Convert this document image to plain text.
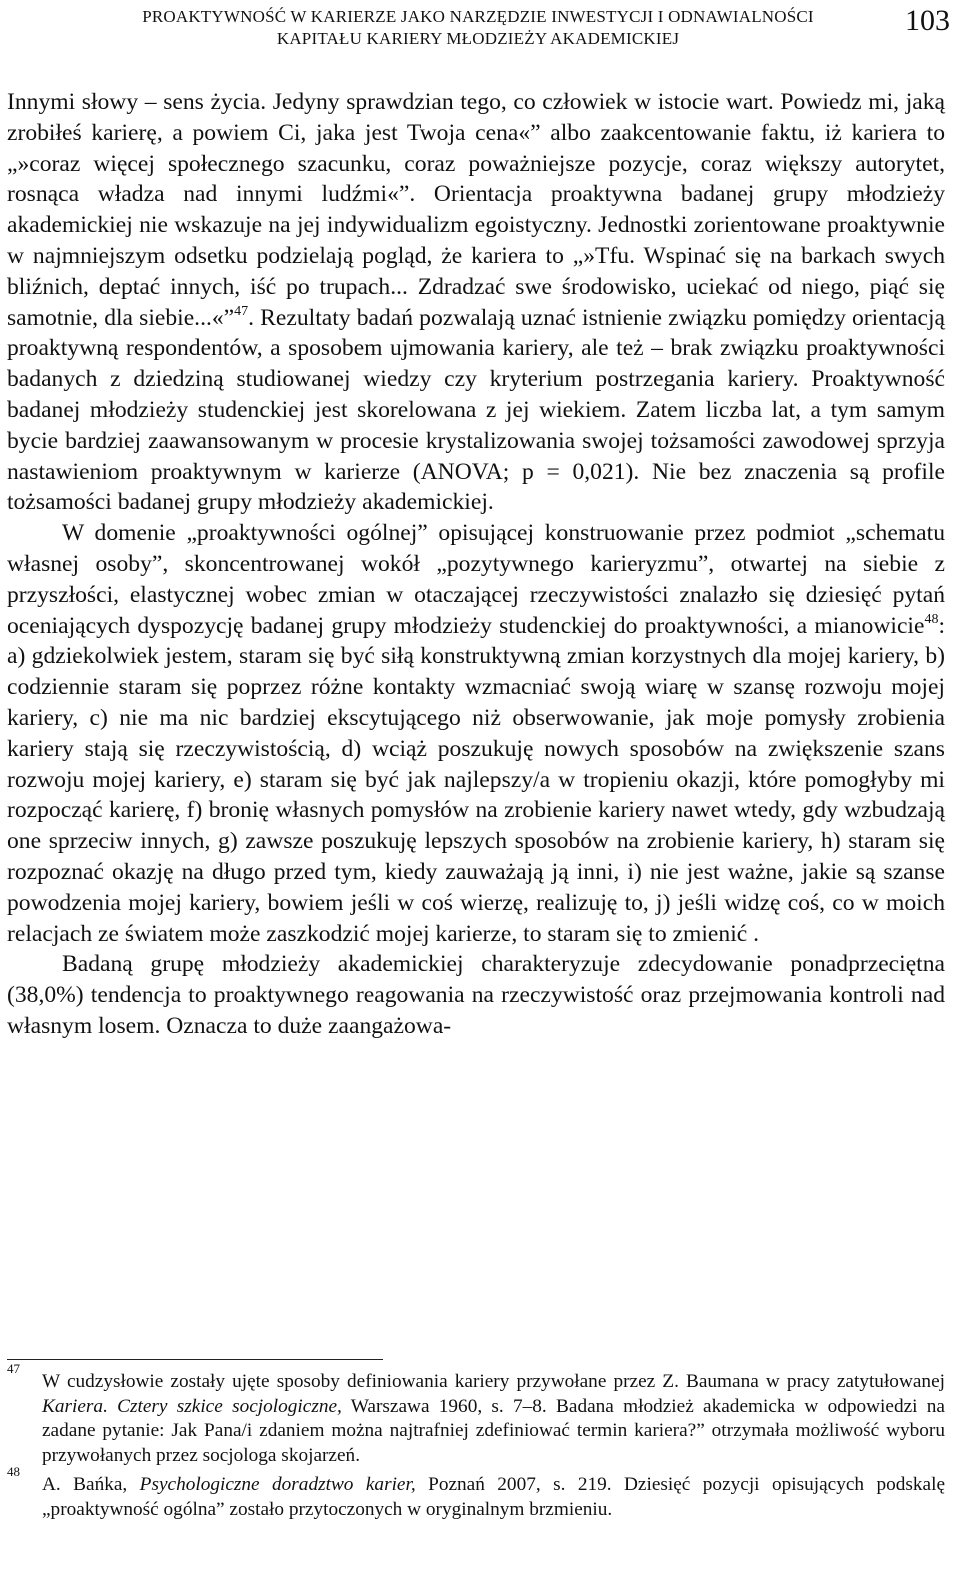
PROAKTYWNOŚĆ W KARIERZE JAKO NARZĘDZIE INWESTYCJI I ODNAWIALNOŚCI
KAPITAŁU KARIERY MŁODZIEŻY AKADEMICKIEJ
103

Innymi słowy – sens życia. Jedyny sprawdzian tego, co człowiek w istocie wart. Powiedz mi, jaką zrobiłeś karierę, a powiem Ci, jaka jest Twoja cena«” albo zaakcentowanie faktu, iż kariera to „»coraz więcej społecznego szacunku, coraz poważniejsze pozycje, coraz większy autorytet, rosnąca władza nad innymi ludźmi«”. Orientacja proaktywna badanej grupy młodzieży akademickiej nie wskazuje na jej indywidualizm egoistyczny. Jednostki zorientowane proaktywnie w najmniejszym odsetku podzielają pogląd, że kariera to „»Tfu. Wspinać się na barkach swych bliźnich, deptać innych, iść po trupach... Zdradzać swe środowisko, uciekać od niego, piąć się samotnie, dla siebie...«”$^{47}$. Rezultaty badań pozwalają uznać istnienie związku pomiędzy orientacją proaktywną respondentów, a sposobem ujmowania kariery, ale też – brak związku proaktywności badanych z dziedziną studiowanej wiedzy czy kryterium postrzegania kariery. Proaktywność badanej młodzieży studenckiej jest skorelowana z jej wiekiem. Zatem liczba lat, a tym samym bycie bardziej zaawansowanym w procesie krystalizowania swojej tożsamości zawodowej sprzyja nastawieniom proaktywnym w karierze (ANOVA; p = 0,021). Nie bez znaczenia są profile tożsamości badanej grupy młodzieży akademickiej.

W domenie „proaktywności ogólnej” opisującej konstruowanie przez podmiot „schematu własnej osoby”, skoncentrowanej wokół „pozytywnego karieryzmu”, otwartej na siebie z przyszłości, elastycznej wobec zmian w otaczającej rzeczywistości znalazło się dziesięć pytań oceniających dyspozycję badanej grupy młodzieży studenckiej do proaktywności, a mianowicie$^{48}$: a) gdziekolwiek jestem, staram się być siłą konstruktywną zmian korzystnych dla mojej kariery, b) codziennie staram się poprzez różne kontakty wzmacniać swoją wiarę w szansę rozwoju mojej kariery, c) nie ma nic bardziej ekscytującego niż obserwowanie, jak moje pomysły zrobienia kariery stają się rzeczywistością, d) wciąż poszukuję nowych sposobów na zwiększenie szans rozwoju mojej kariery, e) staram się być jak najlepszy/a w tropieniu okazji, które pomogłyby mi rozpocząć karierę, f) bronię własnych pomysłów na zrobienie kariery nawet wtedy, gdy wzbudzają one sprzeciw innych, g) zawsze poszukuję lepszych sposobów na zrobienie kariery, h) staram się rozpoznać okazję na długo przed tym, kiedy zauważają ją inni, i) nie jest ważne, jakie są szanse powodzenia mojej kariery, bowiem jeśli w coś wierzę, realizuję to, j) jeśli widzę coś, co w moich relacjach ze światem może zaszkodzić mojej karierze, to staram się to zmienić .

Badaną grupę młodzieży akademickiej charakteryzuje zdecydowanie ponadprzeciętna (38,0%) tendencja to proaktywnego reagowania na rzeczywistość oraz przejmowania kontroli nad własnym losem. Oznacza to duże zaangażowa-

47
W cudzysłowie zostały ujęte sposoby definiowania kariery przywołane przez Z. Baumana w pracy zatytułowanej Kariera. Cztery szkice socjologiczne, Warszawa 1960, s. 7–8. Badana młodzież akademicka w odpowiedzi na zadane pytanie: Jak Pana/i zdaniem można najtrafniej zdefiniować termin kariera?” otrzymała możliwość wyboru przywołanych przez socjologa skojarzeń.
48
A. Bańka, Psychologiczne doradztwo karier, Poznań 2007, s. 219. Dziesięć pozycji opisujących podskalę „proaktywność ogólna” zostało przytoczonych w oryginalnym brzmieniu.
